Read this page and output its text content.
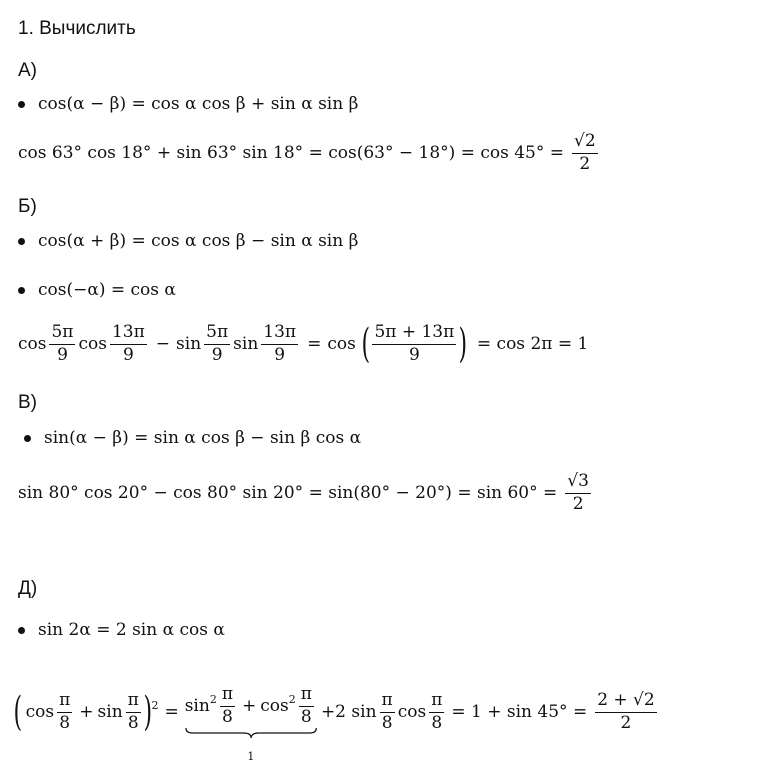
1. Вычислить
А)
cos(α − β) = cos α cos β + sin α sin β
cos 63° cos 18° + sin 63° $\sin 18^\circ = \cos(63^\circ - 18^\circ) = \cos 45^\circ = \frac{√2}{2}$
Б)
cos(α + β) = cos α cos β − sin α sin β
cos(−α) = cos α
$\cos \frac{5\pi}{9}$ $\cos \frac{13\pi}{9} - \sin \frac{5\pi}{9}$ $\sin \frac{13\pi}{9} = \cos$ ( $\frac{5\pi + 13\pi}{9}$ ) = cos 2π = 1
В)
sin(α − β) = sin α cos β − sin β cos α
sin 80° cos 20° − cos 80° $\sin 20^\circ = \sin(80^\circ - 20^\circ) = \sin 60^\circ = \frac{√3}{2}$
Д)
sin 2α = 2 sin α cos α
( $\cos \frac{\pi}{8} + \sin \frac{\pi}{8}$ ) $2 = \sin 2 \frac{\pi}{8} + \cos 2 \frac{\pi}{8}$
1
+2 $\sin \frac{\pi}{8}$ $\cos \frac{\pi}{8} = 1 + \sin 45^\circ = \frac{2 + √2}{2}$
